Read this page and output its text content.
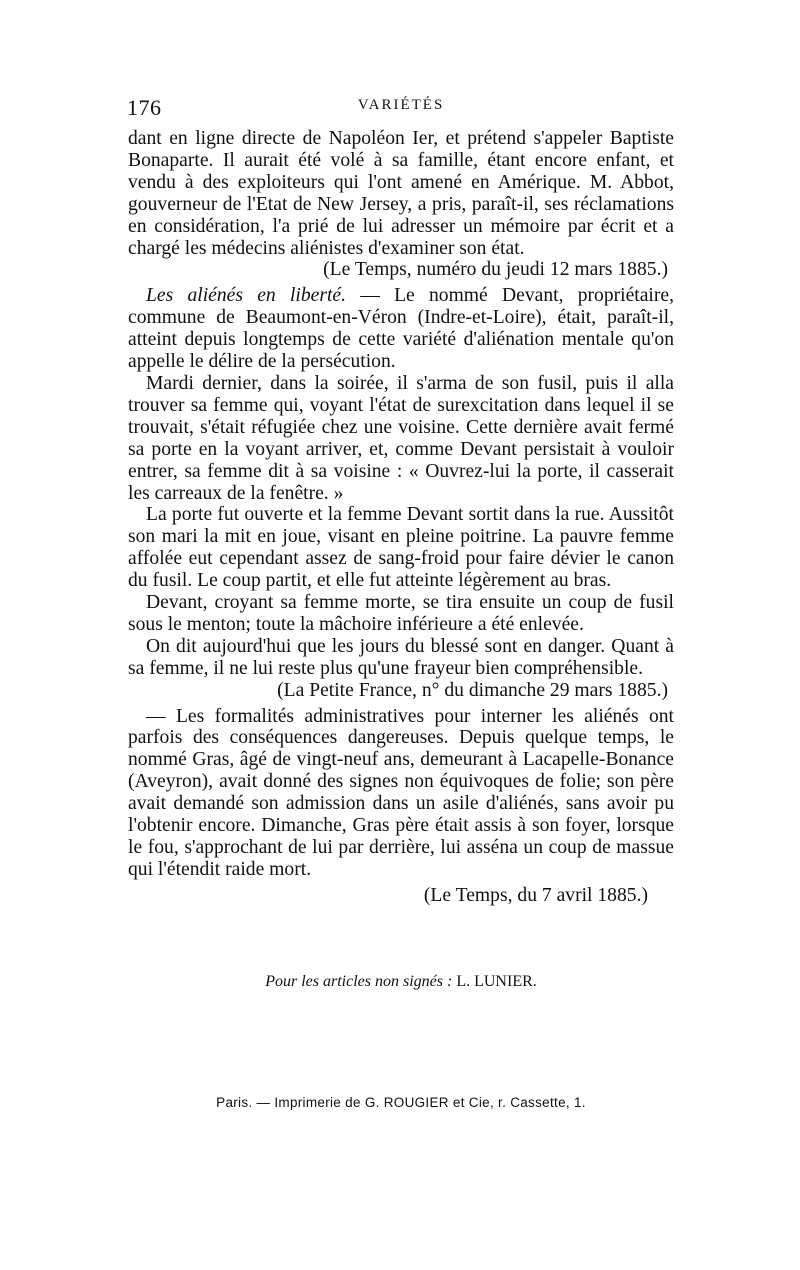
176	VARIÉTÉS

dant en ligne directe de Napoléon Ier, et prétend s'appeler Baptiste Bonaparte. Il aurait été volé à sa famille, étant encore enfant, et vendu à des exploiteurs qui l'ont amené en Amérique. M. Abbot, gouverneur de l'Etat de New Jersey, a pris, paraît-il, ses réclamations en considération, l'a prié de lui adresser un mémoire par écrit et a chargé les médecins aliénistes d'examiner son état.

(Le Temps, numéro du jeudi 12 mars 1885.)

Les aliénés en liberté. — Le nommé Devant, propriétaire, commune de Beaumont-en-Véron (Indre-et-Loire), était, paraît-il, atteint depuis longtemps de cette variété d'aliénation mentale qu'on appelle le délire de la persécution.

Mardi dernier, dans la soirée, il s'arma de son fusil, puis il alla trouver sa femme qui, voyant l'état de surexcitation dans lequel il se trouvait, s'était réfugiée chez une voisine. Cette dernière avait fermé sa porte en la voyant arriver, et, comme Devant persistait à vouloir entrer, sa femme dit à sa voisine : « Ouvrez-lui la porte, il casserait les carreaux de la fenêtre. »

La porte fut ouverte et la femme Devant sortit dans la rue. Aussitôt son mari la mit en joue, visant en pleine poitrine. La pauvre femme affolée eut cependant assez de sang-froid pour faire dévier le canon du fusil. Le coup partit, et elle fut atteinte légèrement au bras.

Devant, croyant sa femme morte, se tira ensuite un coup de fusil sous le menton; toute la mâchoire inférieure a été enlevée.

On dit aujourd'hui que les jours du blessé sont en danger. Quant à sa femme, il ne lui reste plus qu'une frayeur bien compréhensible.

(La Petite France, n° du dimanche 29 mars 1885.)

— Les formalités administratives pour interner les aliénés ont parfois des conséquences dangereuses. Depuis quelque temps, le nommé Gras, âgé de vingt-neuf ans, demeurant à Lacapelle-Bonance (Aveyron), avait donné des signes non équivoques de folie; son père avait demandé son admission dans un asile d'aliénés, sans avoir pu l'obtenir encore. Dimanche, Gras père était assis à son foyer, lorsque le fou, s'approchant de lui par derrière, lui asséna un coup de massue qui l'étendit raide mort.

(Le Temps, du 7 avril 1885.)

Pour les articles non signés : L. LUNIER.
Paris. — Imprimerie de G. ROUGIER et Cie, r. Cassette, 1.
